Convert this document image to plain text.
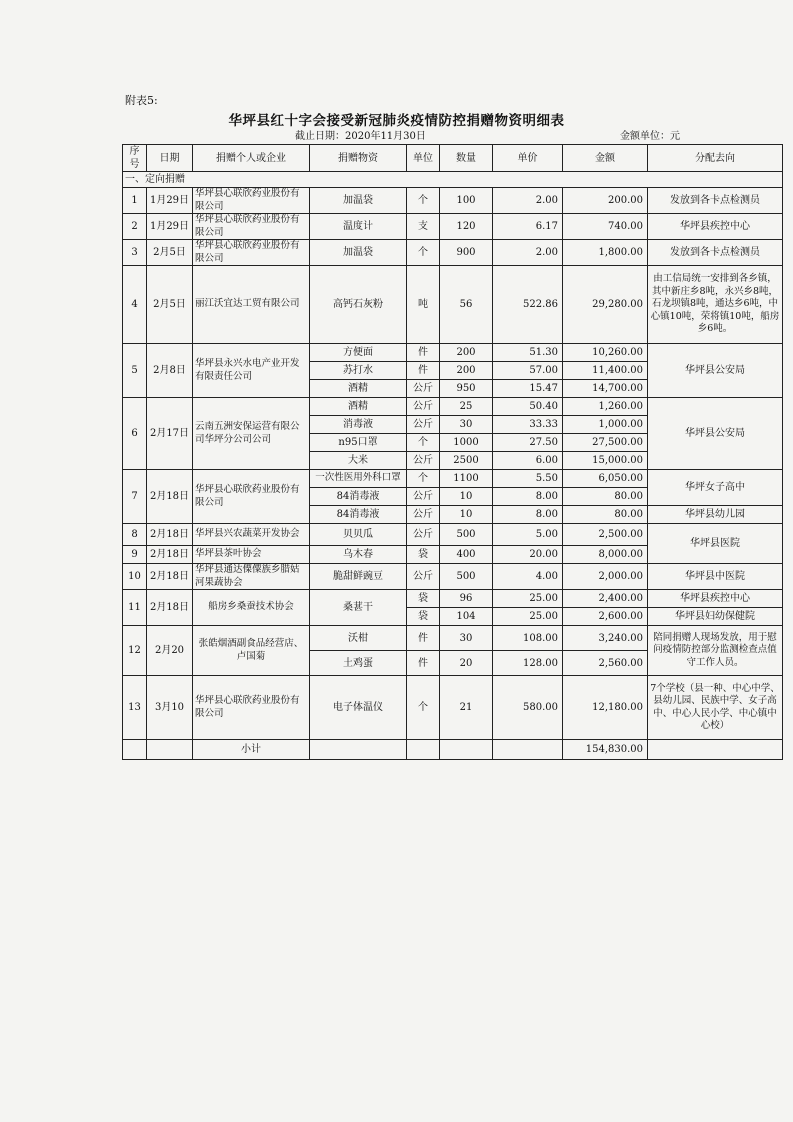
附表5:
华坪县红十字会接受新冠肺炎疫情防控捐赠物资明细表
截止日期：2020年11月30日	金额单位：元
序号	日期	捐赠个人或企业	捐赠物资	单位	数量	单价	金额	分配去向
一、定向捐赠								
1	1月29日	华坪县心联欣药业股份有限公司	加温袋	个	100	2.00	200.00	发放到各卡点检测员
2	1月29日	华坪县心联欣药业股份有限公司	温度计	支	120	6.17	740.00	华坪县疾控中心
3	2月5日	华坪县心联欣药业股份有限公司	加温袋	个	900	2.00	1,800.00	发放到各卡点检测员
4	2月5日	丽江沃宜达工贸有限公司	高钙石灰粉	吨	56	522.86	29,280.00	由工信局统一安排到各乡镇，其中新庄乡8吨，永兴乡8吨，石龙坝镇8吨，通达乡6吨，中心镇10吨，荣将镇10吨，船房乡6吨。
5	2月8日	华坪县永兴水电产业开发有限责任公司	方便面	件	200	51.30	10,260.00	华坪县公安局
			苏打水	件	200	57.00	11,400.00	
			酒精	公斤	950	15.47	14,700.00	
6	2月17日	云南五洲安保运营有限公司华坪分公司公司	酒精	公斤	25	50.40	1,260.00	华坪县公安局
			消毒液	公斤	30	33.33	1,000.00	
			n95口罩	个	1000	27.50	27,500.00	
			大米	公斤	2500	6.00	15,000.00	
7	2月18日	华坪县心联欣药业股份有限公司	一次性医用外科口罩	个	1100	5.50	6,050.00	华坪女子高中
			84消毒液	公斤	10	8.00	80.00	
			84消毒液	公斤	10	8.00	80.00	华坪县幼儿园
8	2月18日	华坪县兴农蔬菜开发协会	贝贝瓜	公斤	500	5.00	2,500.00	华坪县医院
9	2月18日	华坪县茶叶协会	乌木春	袋	400	20.00	8,000.00	
10	2月18日	华坪县通达傈僳族乡腊姑河果蔬协会	脆甜鲜豌豆	公斤	500	4.00	2,000.00	华坪县中医院
11	2月18日	船房乡桑蚕技术协会	桑葚干	袋	96	25.00	2,400.00	华坪县疾控中心
				袋	104	25.00	2,600.00	华坪县妇幼保健院
12	2月20	张皓烟酒副食品经营店、卢国菊	沃柑	件	30	108.00	3,240.00	陪同捐赠人现场发放，用于慰问疫情防控部分监测检查点值守工作人员。
			土鸡蛋	件	20	128.00	2,560.00	
13	3月10	华坪县心联欣药业股份有限公司	电子体温仪	个	21	580.00	12,180.00	7个学校（县一种、中心中学、县幼儿园、民族中学、女子高中、中心人民小学、中心镇中心校）
		小计					154,830.00	
